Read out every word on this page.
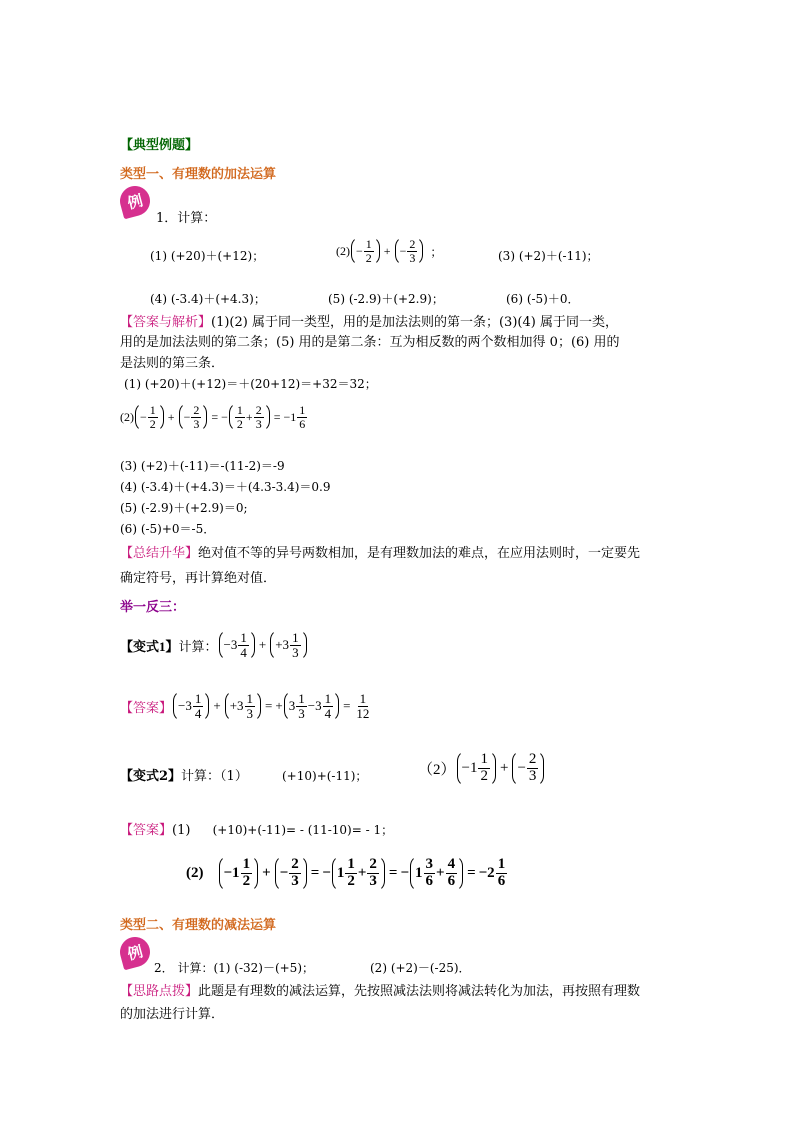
【典型例题】
类型一、有理数的加法运算
例
1．计算：
(1) (+20)＋(+12)；	$(2) - \frac{1}{2}$ + − $\frac{2}{3}$ ；	(3) (+2)＋(-11)；
(4) (-3.4)＋(+4.3)；	(5) (-2.9)＋(+2.9)；	(6) (-5)＋0．
【答案与解析】(1)(2) 属于同一类型，用的是加法法则的第一条；(3)(4) 属于同一类，
用的是加法法则的第二条；(5) 用的是第二条：互为相反数的两个数相加得 0；(6) 用的
是法则的第三条．
(1) (+20)＋(+12)＝＋(20+12)＝+32＝32；
$(2) - \frac{1}{2}$ + − $\frac{2}{3}$ = − $\frac{1}{2} + \frac{2}{3} = -1 \frac{1}{6}$
(3) (+2)＋(-11)＝-(11-2)＝-9
(4) (-3.4)＋(+4.3)＝＋(4.3-3.4)＝0.9
(5) (-2.9)＋(+2.9)＝0;
(6) (-5)+0＝-5．
【总结升华】绝对值不等的异号两数相加，是有理数加法的难点，在应用法则时，一定要先
确定符号，再计算绝对值．
举一反三：
【变式1】 计算： $-3 \frac{1}{4} + +3 \frac{1}{3}$
【答案】 $-3 \frac{1}{4} + +3 \frac{1}{3}$ = + $3 \frac{1}{3} -3 \frac{1}{4} = \frac{1}{12}$
【变式2】计算：（1）	(+10)+(-11)；	$(2) -1 \frac{1}{2}$ + − $\frac{2}{3}$
【答案】(1) (+10)+(-11)= - (11-10)= - 1；
$(2) -1 \frac{1}{2}$ + − $\frac{2}{3}$ = − $1 \frac{1}{2} + \frac{2}{3}$ = − $1 \frac{3}{6} + \frac{4}{6} = -2 \frac{1}{6}$
类型二、有理数的减法运算
例
2． 计算：(1) (-32)－(+5)；	(2) (+2)－(-25)．
【思路点拨】此题是有理数的减法运算，先按照减法法则将减法转化为加法，再按照有理数
的加法进行计算．
